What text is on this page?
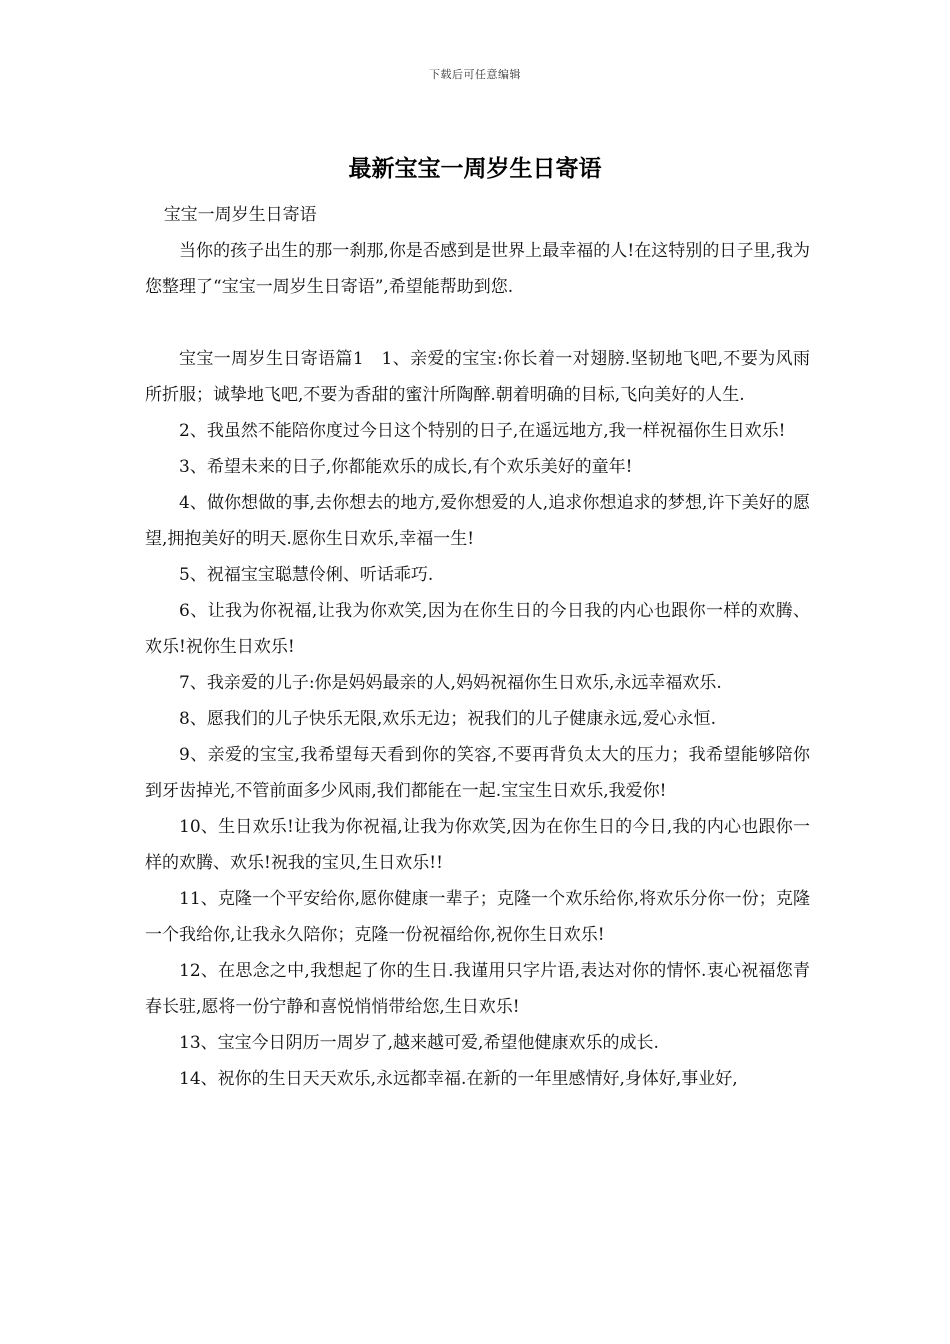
下载后可任意编辑
最新宝宝一周岁生日寄语

宝宝一周岁生日寄语

当你的孩子出生的那一刹那,你是否感到是世界上最幸福的人!在这特别的日子里,我为您整理了“宝宝一周岁生日寄语”,希望能帮助到您.

宝宝一周岁生日寄语篇1　1、亲爱的宝宝:你长着一对翅膀.坚韧地飞吧,不要为风雨所折服；诚挚地飞吧,不要为香甜的蜜汁所陶醉.朝着明确的目标,飞向美好的人生.

2、我虽然不能陪你度过今日这个特别的日子,在遥远地方,我一样祝福你生日欢乐!

3、希望未来的日子,你都能欢乐的成长,有个欢乐美好的童年!

4、做你想做的事,去你想去的地方,爱你想爱的人,追求你想追求的梦想,许下美好的愿望,拥抱美好的明天.愿你生日欢乐,幸福一生!

5、祝福宝宝聪慧伶俐、听话乖巧.

6、让我为你祝福,让我为你欢笑,因为在你生日的今日我的内心也跟你一样的欢腾、欢乐!祝你生日欢乐!

7、我亲爱的儿子:你是妈妈最亲的人,妈妈祝福你生日欢乐,永远幸福欢乐.

8、愿我们的儿子快乐无限,欢乐无边；祝我们的儿子健康永远,爱心永恒.

9、亲爱的宝宝,我希望每天看到你的笑容,不要再背负太大的压力；我希望能够陪你到牙齿掉光,不管前面多少风雨,我们都能在一起.宝宝生日欢乐,我爱你!

10、生日欢乐!让我为你祝福,让我为你欢笑,因为在你生日的今日,我的内心也跟你一样的欢腾、欢乐!祝我的宝贝,生日欢乐!!

11、克隆一个平安给你,愿你健康一辈子；克隆一个欢乐给你,将欢乐分你一份；克隆一个我给你,让我永久陪你；克隆一份祝福给你,祝你生日欢乐!

12、在思念之中,我想起了你的生日.我谨用只字片语,表达对你的情怀.衷心祝福您青春长驻,愿将一份宁静和喜悦悄悄带给您,生日欢乐!

13、宝宝今日阴历一周岁了,越来越可爱,希望他健康欢乐的成长.

14、祝你的生日天天欢乐,永远都幸福.在新的一年里感情好,身体好,事业好,
